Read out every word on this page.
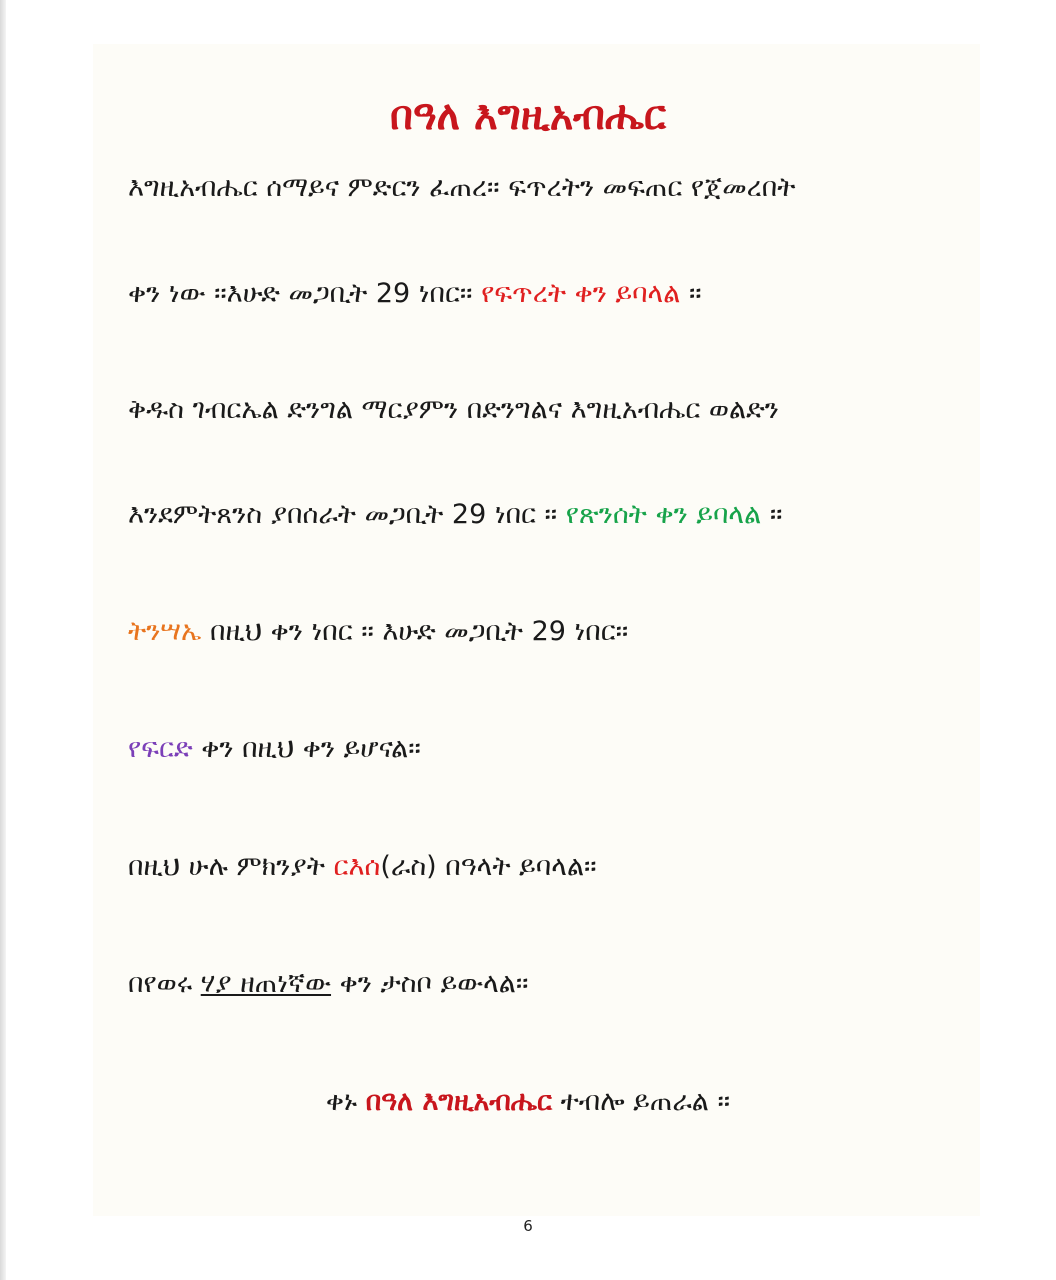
በዓለ እግዚአብሔር
እግዚአብሔር ሰማይና ምድርን ፈጠረ። ፍጥረትን መፍጠር የጀመረበት
ቀን ነው ።እሁድ መጋቢት 29 ነበር። የፍጥረት ቀን ይባላል ።
ቅዱስ ገብርኤል ድንግል ማርያምን በድንግልና እግዚአብሔር ወልድን
እንደምትጸንስ ያበሰራት መጋቢት 29 ነበር ። የጽንሰት ቀን ይባላል ።
ትንሣኤ በዚህ ቀን ነበር ። እሁድ መጋቢት 29 ነበር።
የፍርድ ቀን በዚህ ቀን ይሆናል።
በዚህ ሁሉ ምክንያት ርእሰ(ራስ) በዓላት ይባላል።
በየወሩ ሃያ ዘጠነኛው ቀን ታስቦ ይውላል።
ቀኑ በዓለ እግዚአብሔር ተብሎ ይጠራል ።
6
